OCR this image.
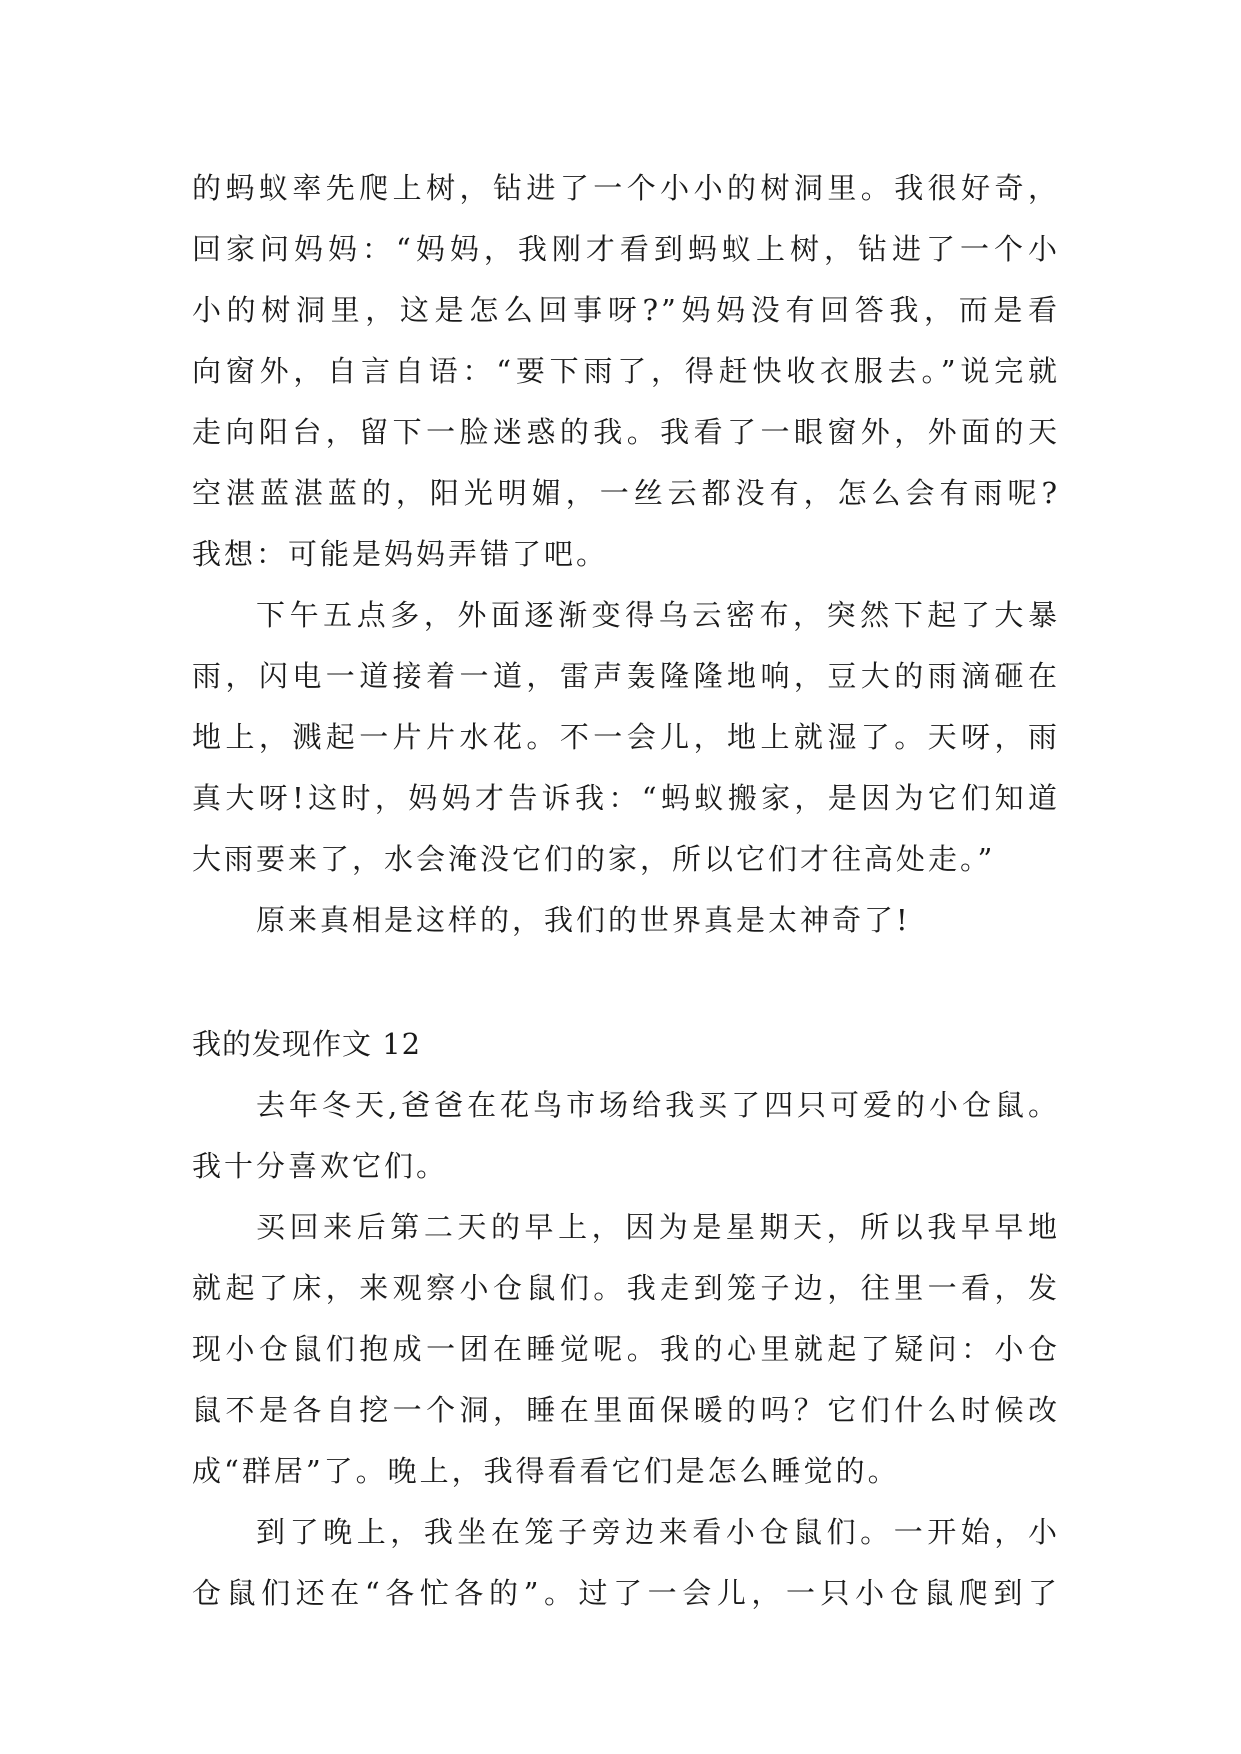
的蚂蚁率先爬上树，钻进了一个小小的树洞里。我很好奇，
回家问妈妈：“妈妈，我刚才看到蚂蚁上树，钻进了一个小
小的树洞里，这是怎么回事呀?”妈妈没有回答我，而是看
向窗外，自言自语：“要下雨了，得赶快收衣服去。”说完就
走向阳台，留下一脸迷惑的我。我看了一眼窗外，外面的天
空湛蓝湛蓝的，阳光明媚，一丝云都没有，怎么会有雨呢?
我想：可能是妈妈弄错了吧。
下午五点多，外面逐渐变得乌云密布，突然下起了大暴
雨，闪电一道接着一道，雷声轰隆隆地响，豆大的雨滴砸在
地上，溅起一片片水花。不一会儿，地上就湿了。天呀，雨
真大呀!这时，妈妈才告诉我：“蚂蚁搬家，是因为它们知道
大雨要来了，水会淹没它们的家，所以它们才往高处走。”
原来真相是这样的，我们的世界真是太神奇了!
我的发现作文 12
去年冬天,爸爸在花鸟市场给我买了四只可爱的小仓鼠。
我十分喜欢它们。
买回来后第二天的早上，因为是星期天，所以我早早地
就起了床，来观察小仓鼠们。我走到笼子边，往里一看，发
现小仓鼠们抱成一团在睡觉呢。我的心里就起了疑问：小仓
鼠不是各自挖一个洞，睡在里面保暖的吗？它们什么时候改
成“群居”了。晚上，我得看看它们是怎么睡觉的。
到了晚上，我坐在笼子旁边来看小仓鼠们。一开始，小
仓鼠们还在“各忙各的”。过了一会儿，一只小仓鼠爬到了
